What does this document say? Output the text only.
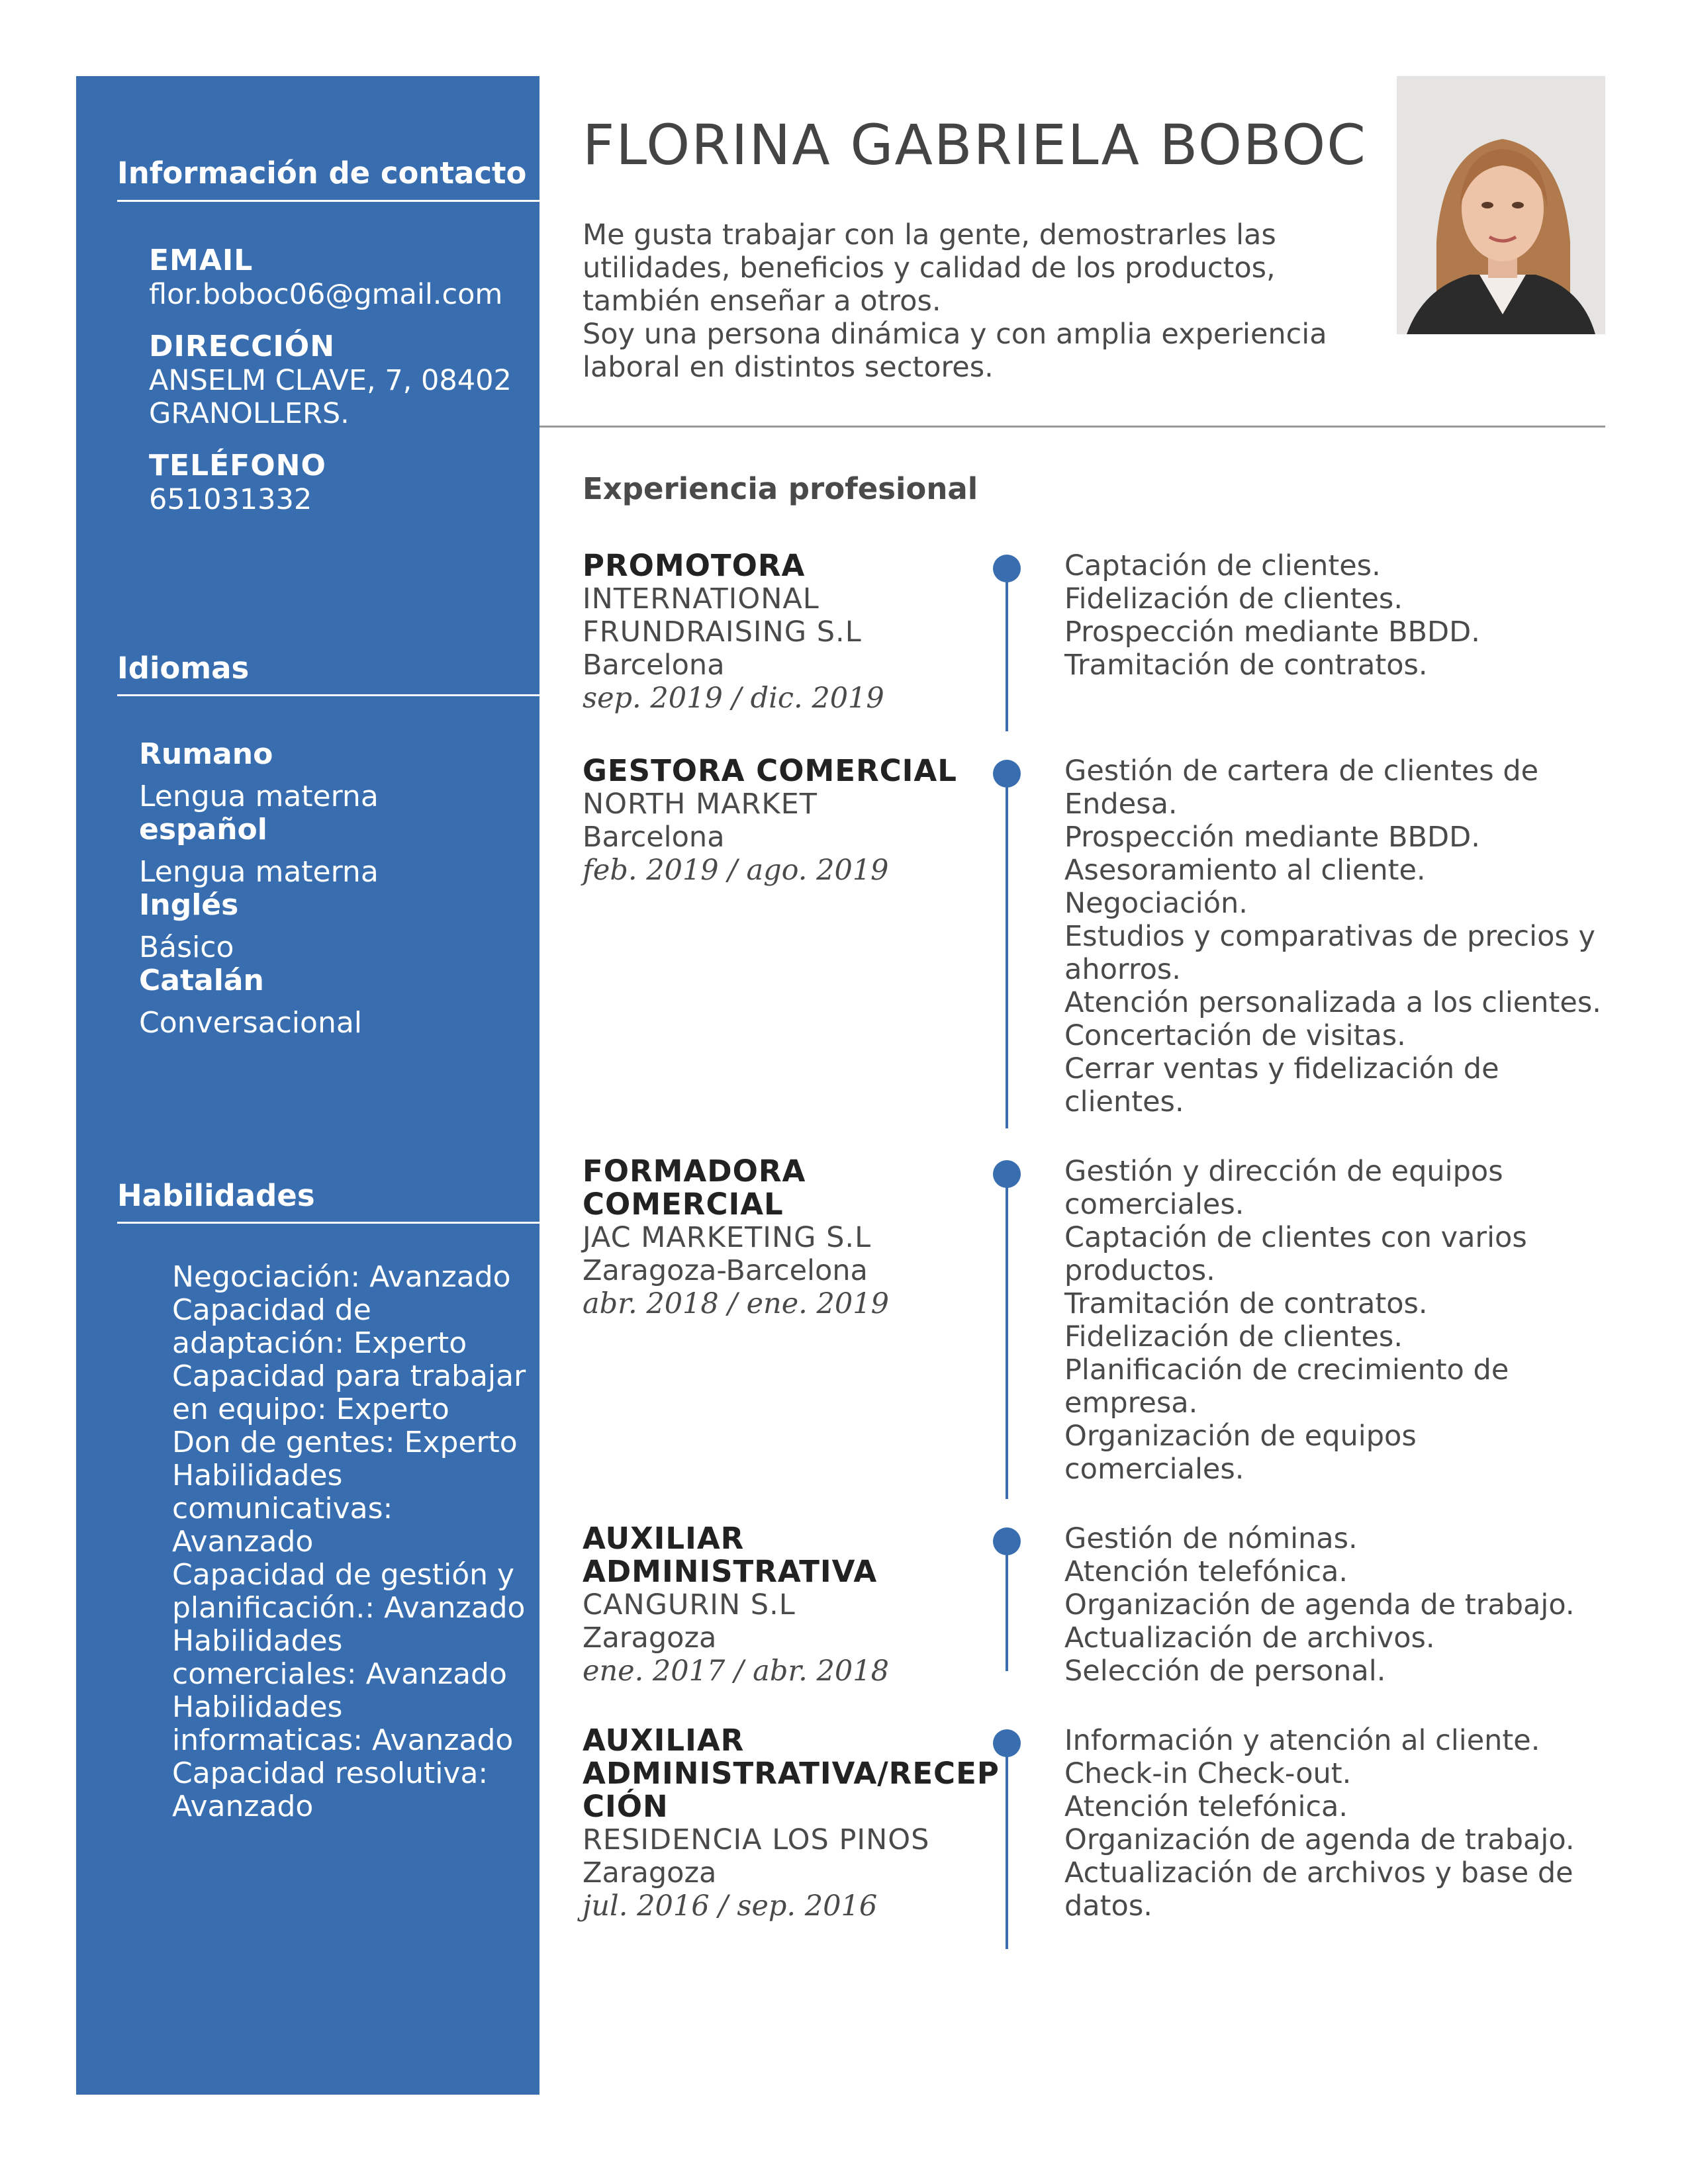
Información de contacto
EMAIL
flor.boboc06@gmail.com
DIRECCIÓN
ANSELM CLAVE, 7, 08402
GRANOLLERS.
TELÉFONO
651031332
Idiomas
Rumano
Lengua materna
español
Lengua materna
Inglés
Básico
Catalán
Conversacional
Habilidades
Negociación: Avanzado
Capacidad de
adaptación: Experto
Capacidad para trabajar
en equipo: Experto
Don de gentes: Experto
Habilidades
comunicativas:
Avanzado
Capacidad de gestión y
planificación.: Avanzado
Habilidades
comerciales: Avanzado
Habilidades
informaticas: Avanzado
Capacidad resolutiva:
Avanzado
FLORINA GABRIELA BOBOC
Me gusta trabajar con la gente, demostrarles las
utilidades, beneficios y calidad de los productos,
también enseñar a otros.
Soy una persona dinámica y con amplia experiencia
laboral en distintos sectores.
Experiencia profesional
PROMOTORA
INTERNATIONAL
FRUNDRAISING S.L
Barcelona
sep. 2019 / dic. 2019
Captación de clientes.
Fidelización de clientes.
Prospección mediante BBDD.
Tramitación de contratos.
GESTORA COMERCIAL
NORTH MARKET
Barcelona
feb. 2019 / ago. 2019
Gestión de cartera de clientes de
Endesa.
Prospección mediante BBDD.
Asesoramiento al cliente.
Negociación.
Estudios y comparativas de precios y
ahorros.
Atención personalizada a los clientes.
Concertación de visitas.
Cerrar ventas y fidelización de
clientes.
FORMADORA
COMERCIAL
JAC MARKETING S.L
Zaragoza-Barcelona
abr. 2018 / ene. 2019
Gestión y dirección de equipos
comerciales.
Captación de clientes con varios
productos.
Tramitación de contratos.
Fidelización de clientes.
Planificación de crecimiento de
empresa.
Organización de equipos
comerciales.
AUXILIAR
ADMINISTRATIVA
CANGURIN S.L
Zaragoza
ene. 2017 / abr. 2018
Gestión de nóminas.
Atención telefónica.
Organización de agenda de trabajo.
Actualización de archivos.
Selección de personal.
AUXILIAR
ADMINISTRATIVA/RECEP
CIÓN
RESIDENCIA LOS PINOS
Zaragoza
jul. 2016 / sep. 2016
Información y atención al cliente.
Check-in Check-out.
Atención telefónica.
Organización de agenda de trabajo.
Actualización de archivos y base de
datos.
